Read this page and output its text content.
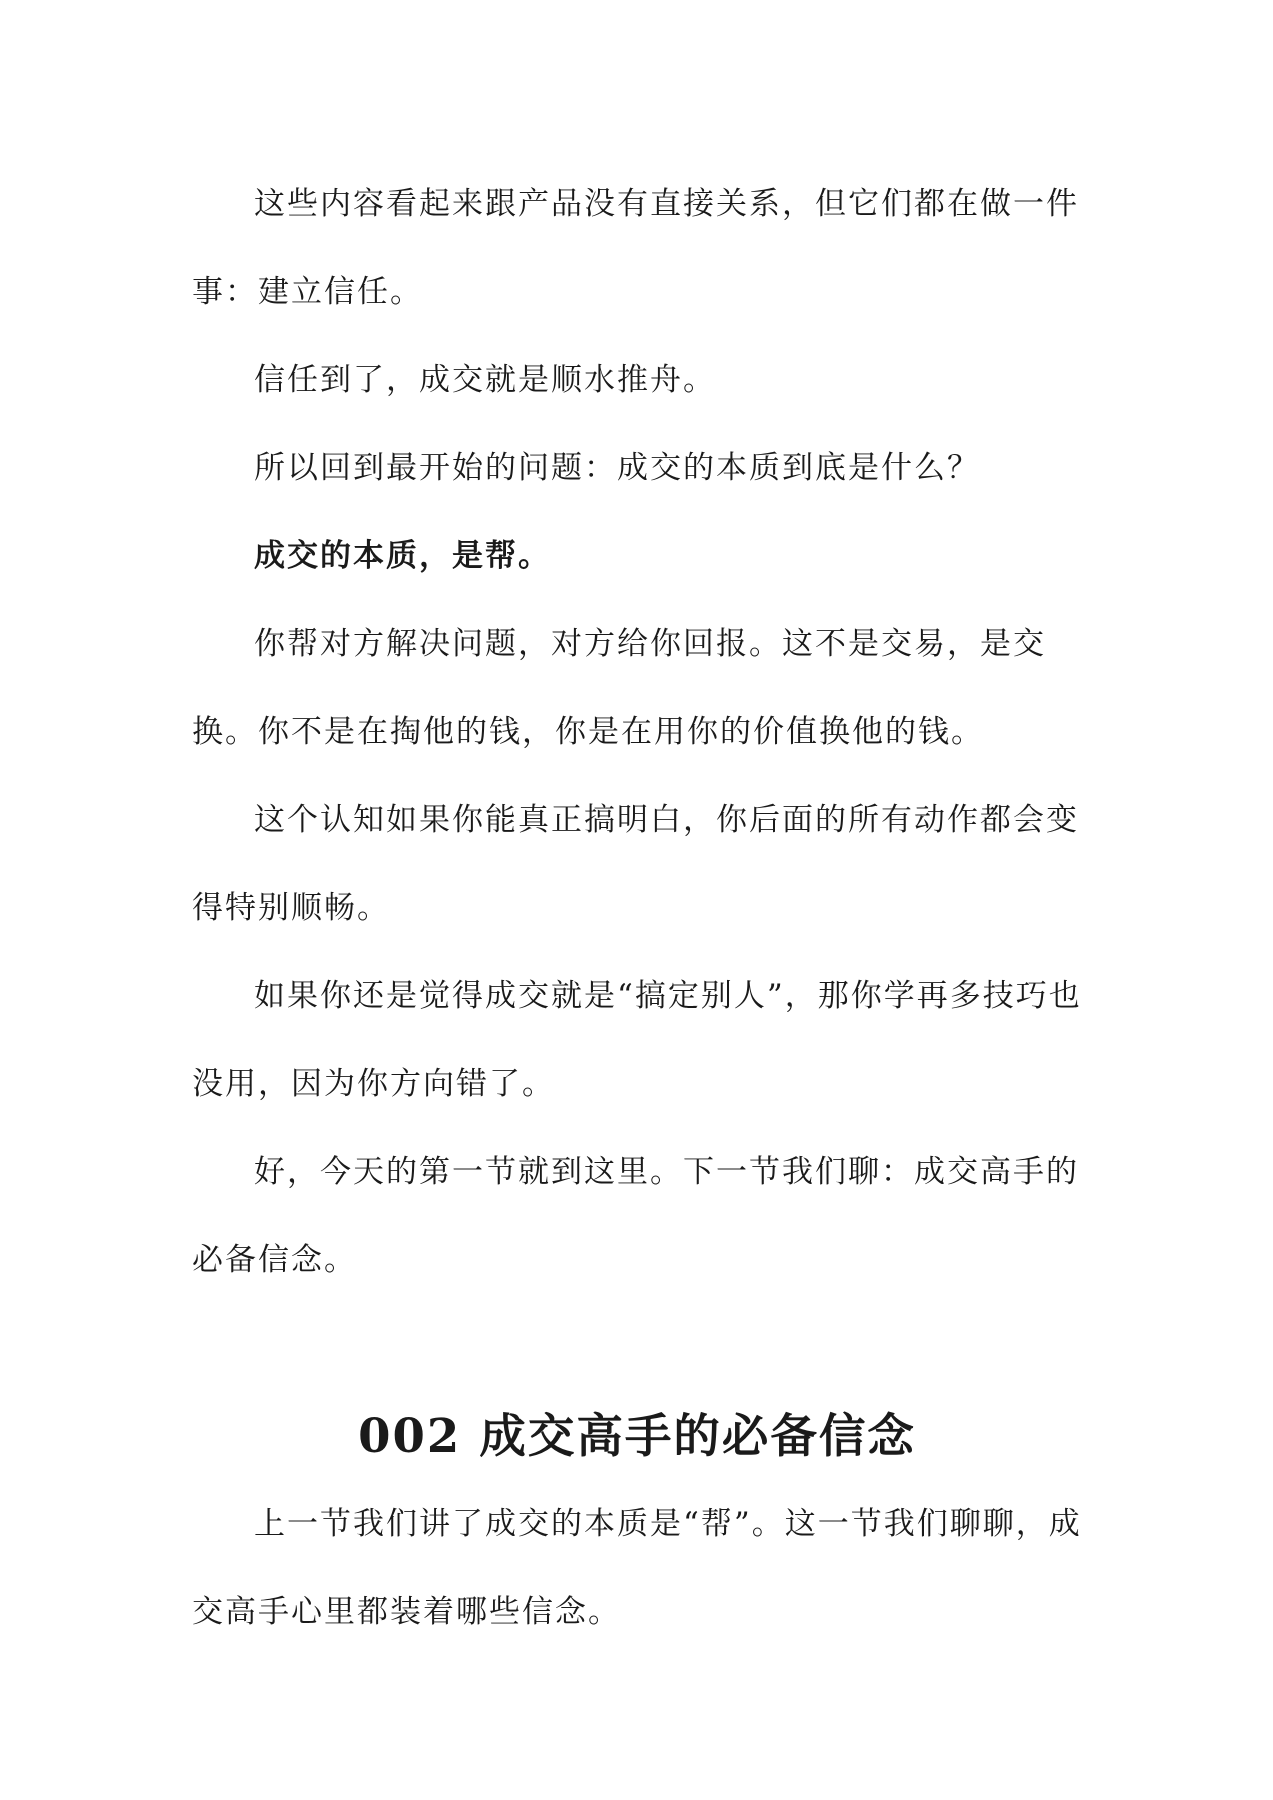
这些内容看起来跟产品没有直接关系，但它们都在做一件事：建立信任。

信任到了，成交就是顺水推舟。

所以回到最开始的问题：成交的本质到底是什么？

成交的本质，是帮。

你帮对方解决问题，对方给你回报。这不是交易，是交换。你不是在掏他的钱，你是在用你的价值换他的钱。

这个认知如果你能真正搞明白，你后面的所有动作都会变得特别顺畅。

如果你还是觉得成交就是“搞定别人”，那你学再多技巧也没用，因为你方向错了。

好，今天的第一节就到这里。下一节我们聊：成交高手的必备信念。

002 成交高手的必备信念

上一节我们讲了成交的本质是“帮”。这一节我们聊聊，成交高手心里都装着哪些信念。
